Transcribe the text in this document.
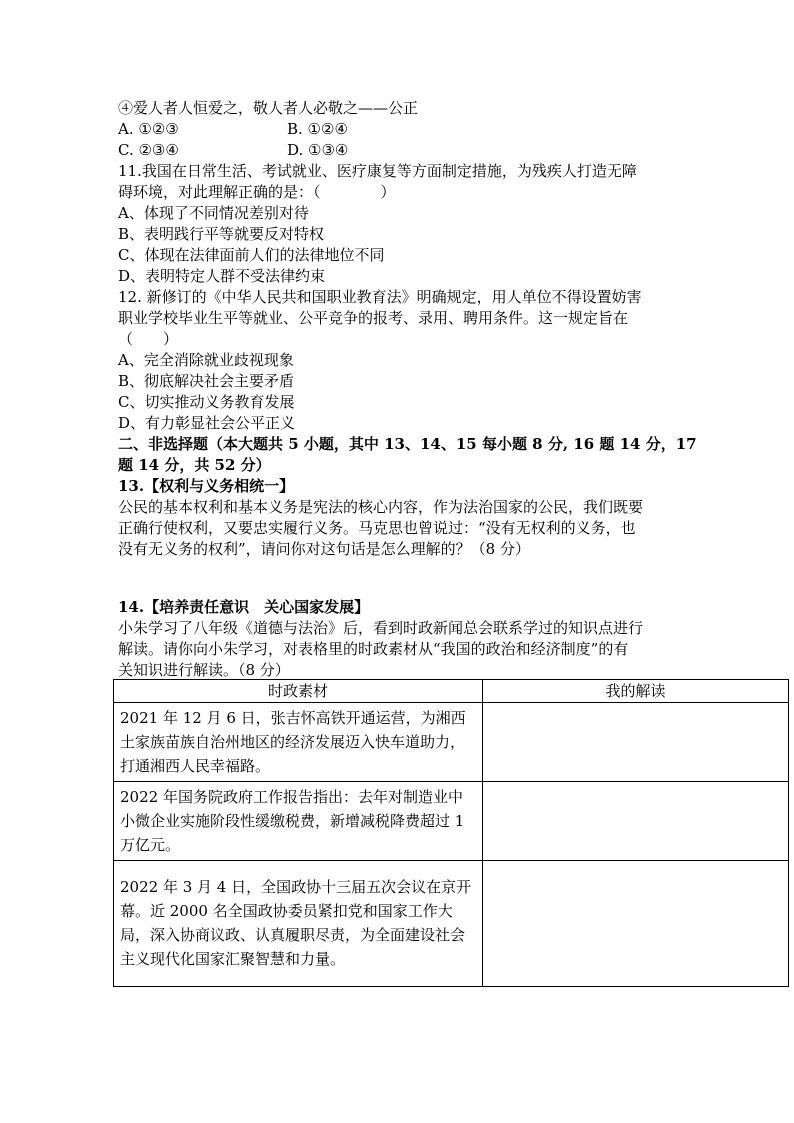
④爱人者人恒爱之，敬人者人必敬之——公正
A. ①②③	B. ①②④
C. ②③④	D. ①③④
11.我国在日常生活、考试就业、医疗康复等方面制定措施，为残疾人打造无障
碍环境，对此理解正确的是：（　　　　）
A、体现了不同情况差别对待
B、表明践行平等就要反对特权
C、体现在法律面前人们的法律地位不同
D、表明特定人群不受法律约束
12. 新修订的《中华人民共和国职业教育法》明确规定，用人单位不得设置妨害
职业学校毕业生平等就业、公平竞争的报考、录用、聘用条件。这一规定旨在
（　　）
A、完全消除就业歧视现象
B、彻底解决社会主要矛盾
C、切实推动义务教育发展
D、有力彰显社会公平正义
二、非选择题（本大题共 5 小题，其中 13、14、15 每小题 8 分, 16 题 14 分，17
题 14 分，共 52 分）
13.【权利与义务相统一】
公民的基本权利和基本义务是宪法的核心内容，作为法治国家的公民，我们既要
正确行使权利，又要忠实履行义务。马克思也曾说过：“没有无权利的义务，也
没有无义务的权利”，请问你对这句话是怎么理解的？（8 分）
14.【培养责任意识　关心国家发展】
小朱学习了八年级《道德与法治》后，看到时政新闻总会联系学过的知识点进行
解读。请你向小朱学习，对表格里的时政素材从“我国的政治和经济制度”的有
关知识进行解读。（8 分）
时政素材	我的解读
2021 年 12 月 6 日，张吉怀高铁开通运营，为湘西土家族苗族自治州地区的经济发展迈入快车道助力，打通湘西人民幸福路。	
2022 年国务院政府工作报告指出：去年对制造业中小微企业实施阶段性缓缴税费，新增减税降费超过 1 万亿元。	
2022 年 3 月 4 日，全国政协十三届五次会议在京开幕。近 2000 名全国政协委员紧扣党和国家工作大局，深入协商议政、认真履职尽责，为全面建设社会主义现代化国家汇聚智慧和力量。	
